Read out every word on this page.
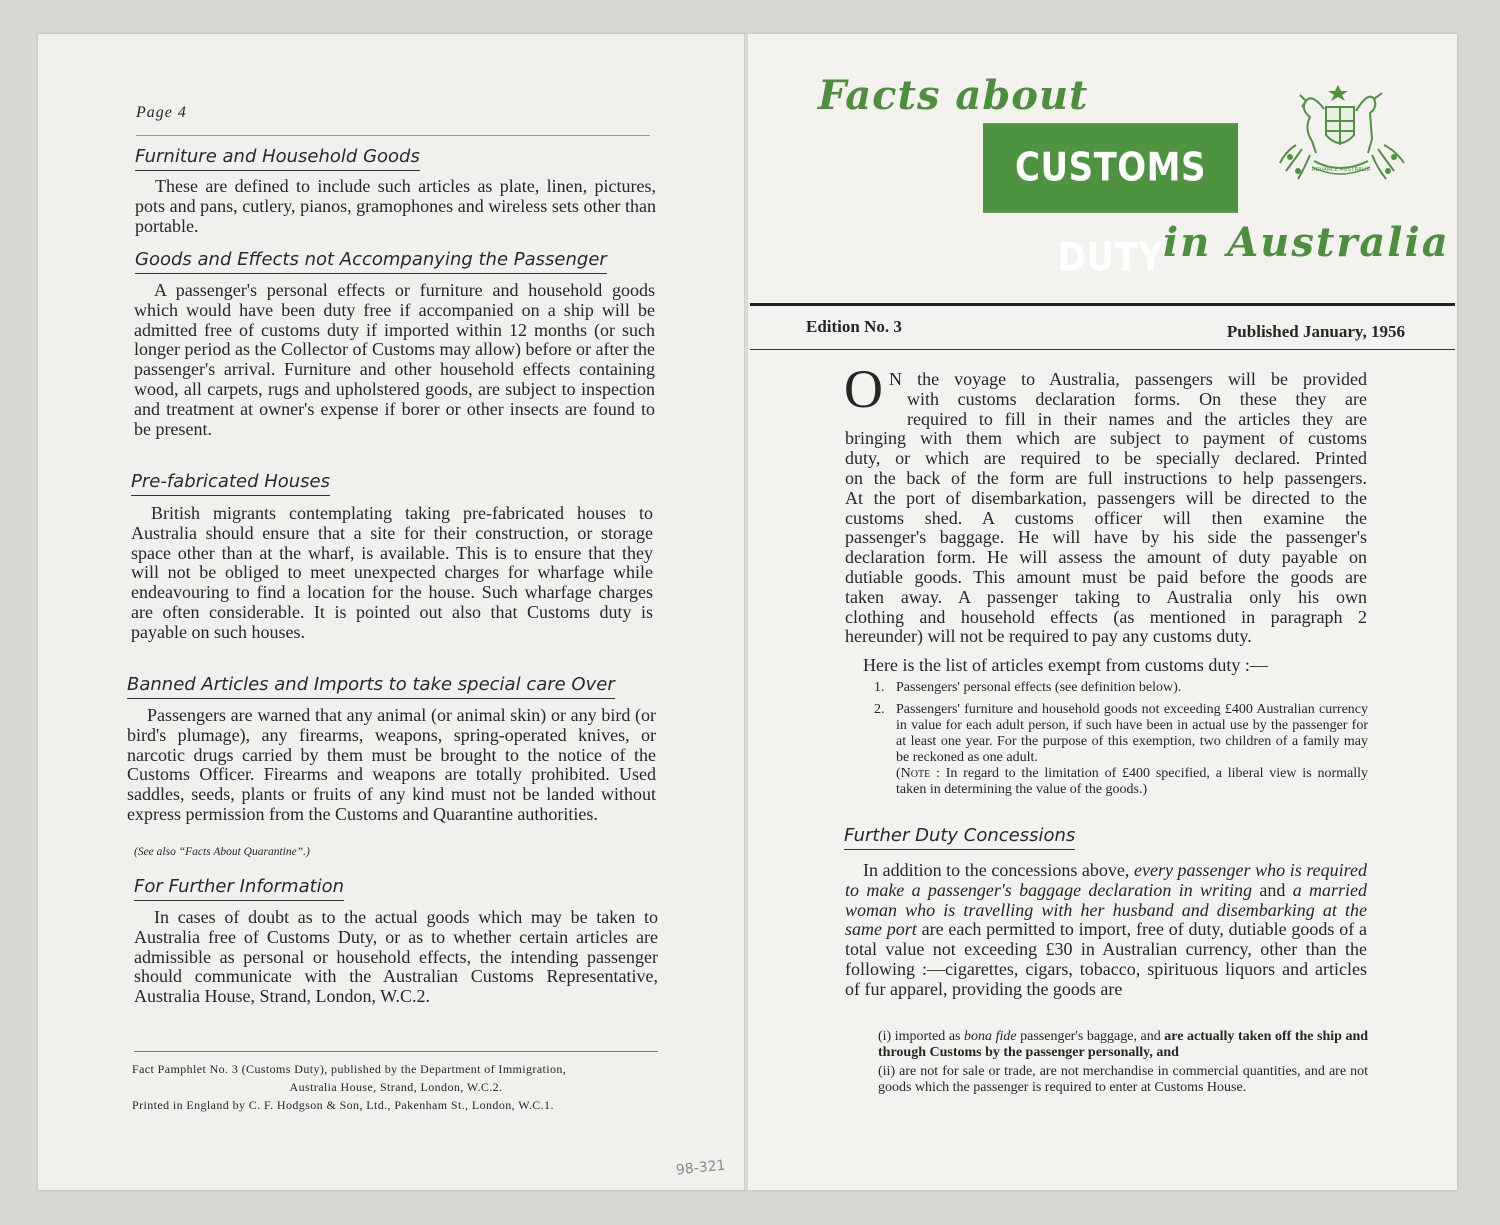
Page 4
Furniture and Household Goods

These are defined to include such articles as plate, linen, pictures, pots and pans, cutlery, pianos, gramophones and wireless sets other than portable.

Goods and Effects not Accompanying the Passenger

A passenger's personal effects or furniture and household goods which would have been duty free if accompanied on a ship will be admitted free of customs duty if imported within 12 months (or such longer period as the Collector of Customs may allow) before or after the passenger's arrival. Furniture and other household effects containing wood, all carpets, rugs and upholstered goods, are subject to inspection and treatment at owner's expense if borer or other insects are found to be present.

Pre-fabricated Houses

British migrants contemplating taking pre-fabricated houses to Australia should ensure that a site for their construction, or storage space other than at the wharf, is available. This is to ensure that they will not be obliged to meet unexpected charges for wharfage while endeavouring to find a location for the house. Such wharfage charges are often considerable. It is pointed out also that Customs duty is payable on such houses.

Banned Articles and Imports to take special care Over

Passengers are warned that any animal (or animal skin) or any bird (or bird's plumage), any firearms, weapons, spring-operated knives, or narcotic drugs carried by them must be brought to the notice of the Customs Officer. Firearms and weapons are totally prohibited. Used saddles, seeds, plants or fruits of any kind must not be landed without express permission from the Customs and Quarantine authorities.

(See also “Facts About Quarantine”.)
For Further Information

In cases of doubt as to the actual goods which may be taken to Australia free of Customs Duty, or as to whether certain articles are admissible as personal or household effects, the intending passenger should communicate with the Australian Customs Representative, Australia House, Strand, London, W.C.2.

Fact Pamphlet No. 3 (Customs Duty), published by the Department of Immigration,
Australia House, Strand, London, W.C.2.
Printed in England by C. F. Hodgson & Son, Ltd., Pakenham St., London, W.C.1.
98-321
Facts about
CUSTOMS DUTY in Australia
ADVANCE AUSTRALIA
Edition No. 3	Published January, 1956
O N the voyage to Australia, passengers will be provided
with customs declaration forms. On these they are
required to fill in their names and the articles they are
bringing with them which are subject to payment of customs
duty, or which are required to be specially declared. Printed
on the back of the form are full instructions to help passengers.
At the port of disembarkation, passengers will be directed to the
customs shed. A customs officer will then examine the
passenger's baggage. He will have by his side the passenger's
declaration form. He will assess the amount of duty payable on
dutiable goods. This amount must be paid before the goods are
taken away. A passenger taking to Australia only his own
clothing and household effects (as mentioned in paragraph 2
hereunder) will not be required to pay any customs duty.
Here is the list of articles exempt from customs duty :—
1. Passengers' personal effects (see definition below).
2. Passengers' furniture and household goods not exceeding £400 Australian currency in value for each adult person, if such have been in actual use by the passenger for at least one year. For the purpose of this exemption, two children of a family may be reckoned as one adult.
(Note : In regard to the limitation of £400 specified, a liberal view is normally taken in determining the value of the goods.)
Further Duty Concessions

In addition to the concessions above, every passenger who is required to make a passenger's baggage declaration in writing and a married woman who is travelling with her husband and disembarking at the same port are each permitted to import, free of duty, dutiable goods of a total value not exceeding £30 in Australian currency, other than the following :—cigarettes, cigars, tobacco, spirituous liquors and articles of fur apparel, providing the goods are

(i) imported as bona fide passenger's baggage, and are actually taken off the ship and through Customs by the passenger personally, and

(ii) are not for sale or trade, are not merchandise in commercial quantities, and are not goods which the passenger is required to enter at Customs House.
